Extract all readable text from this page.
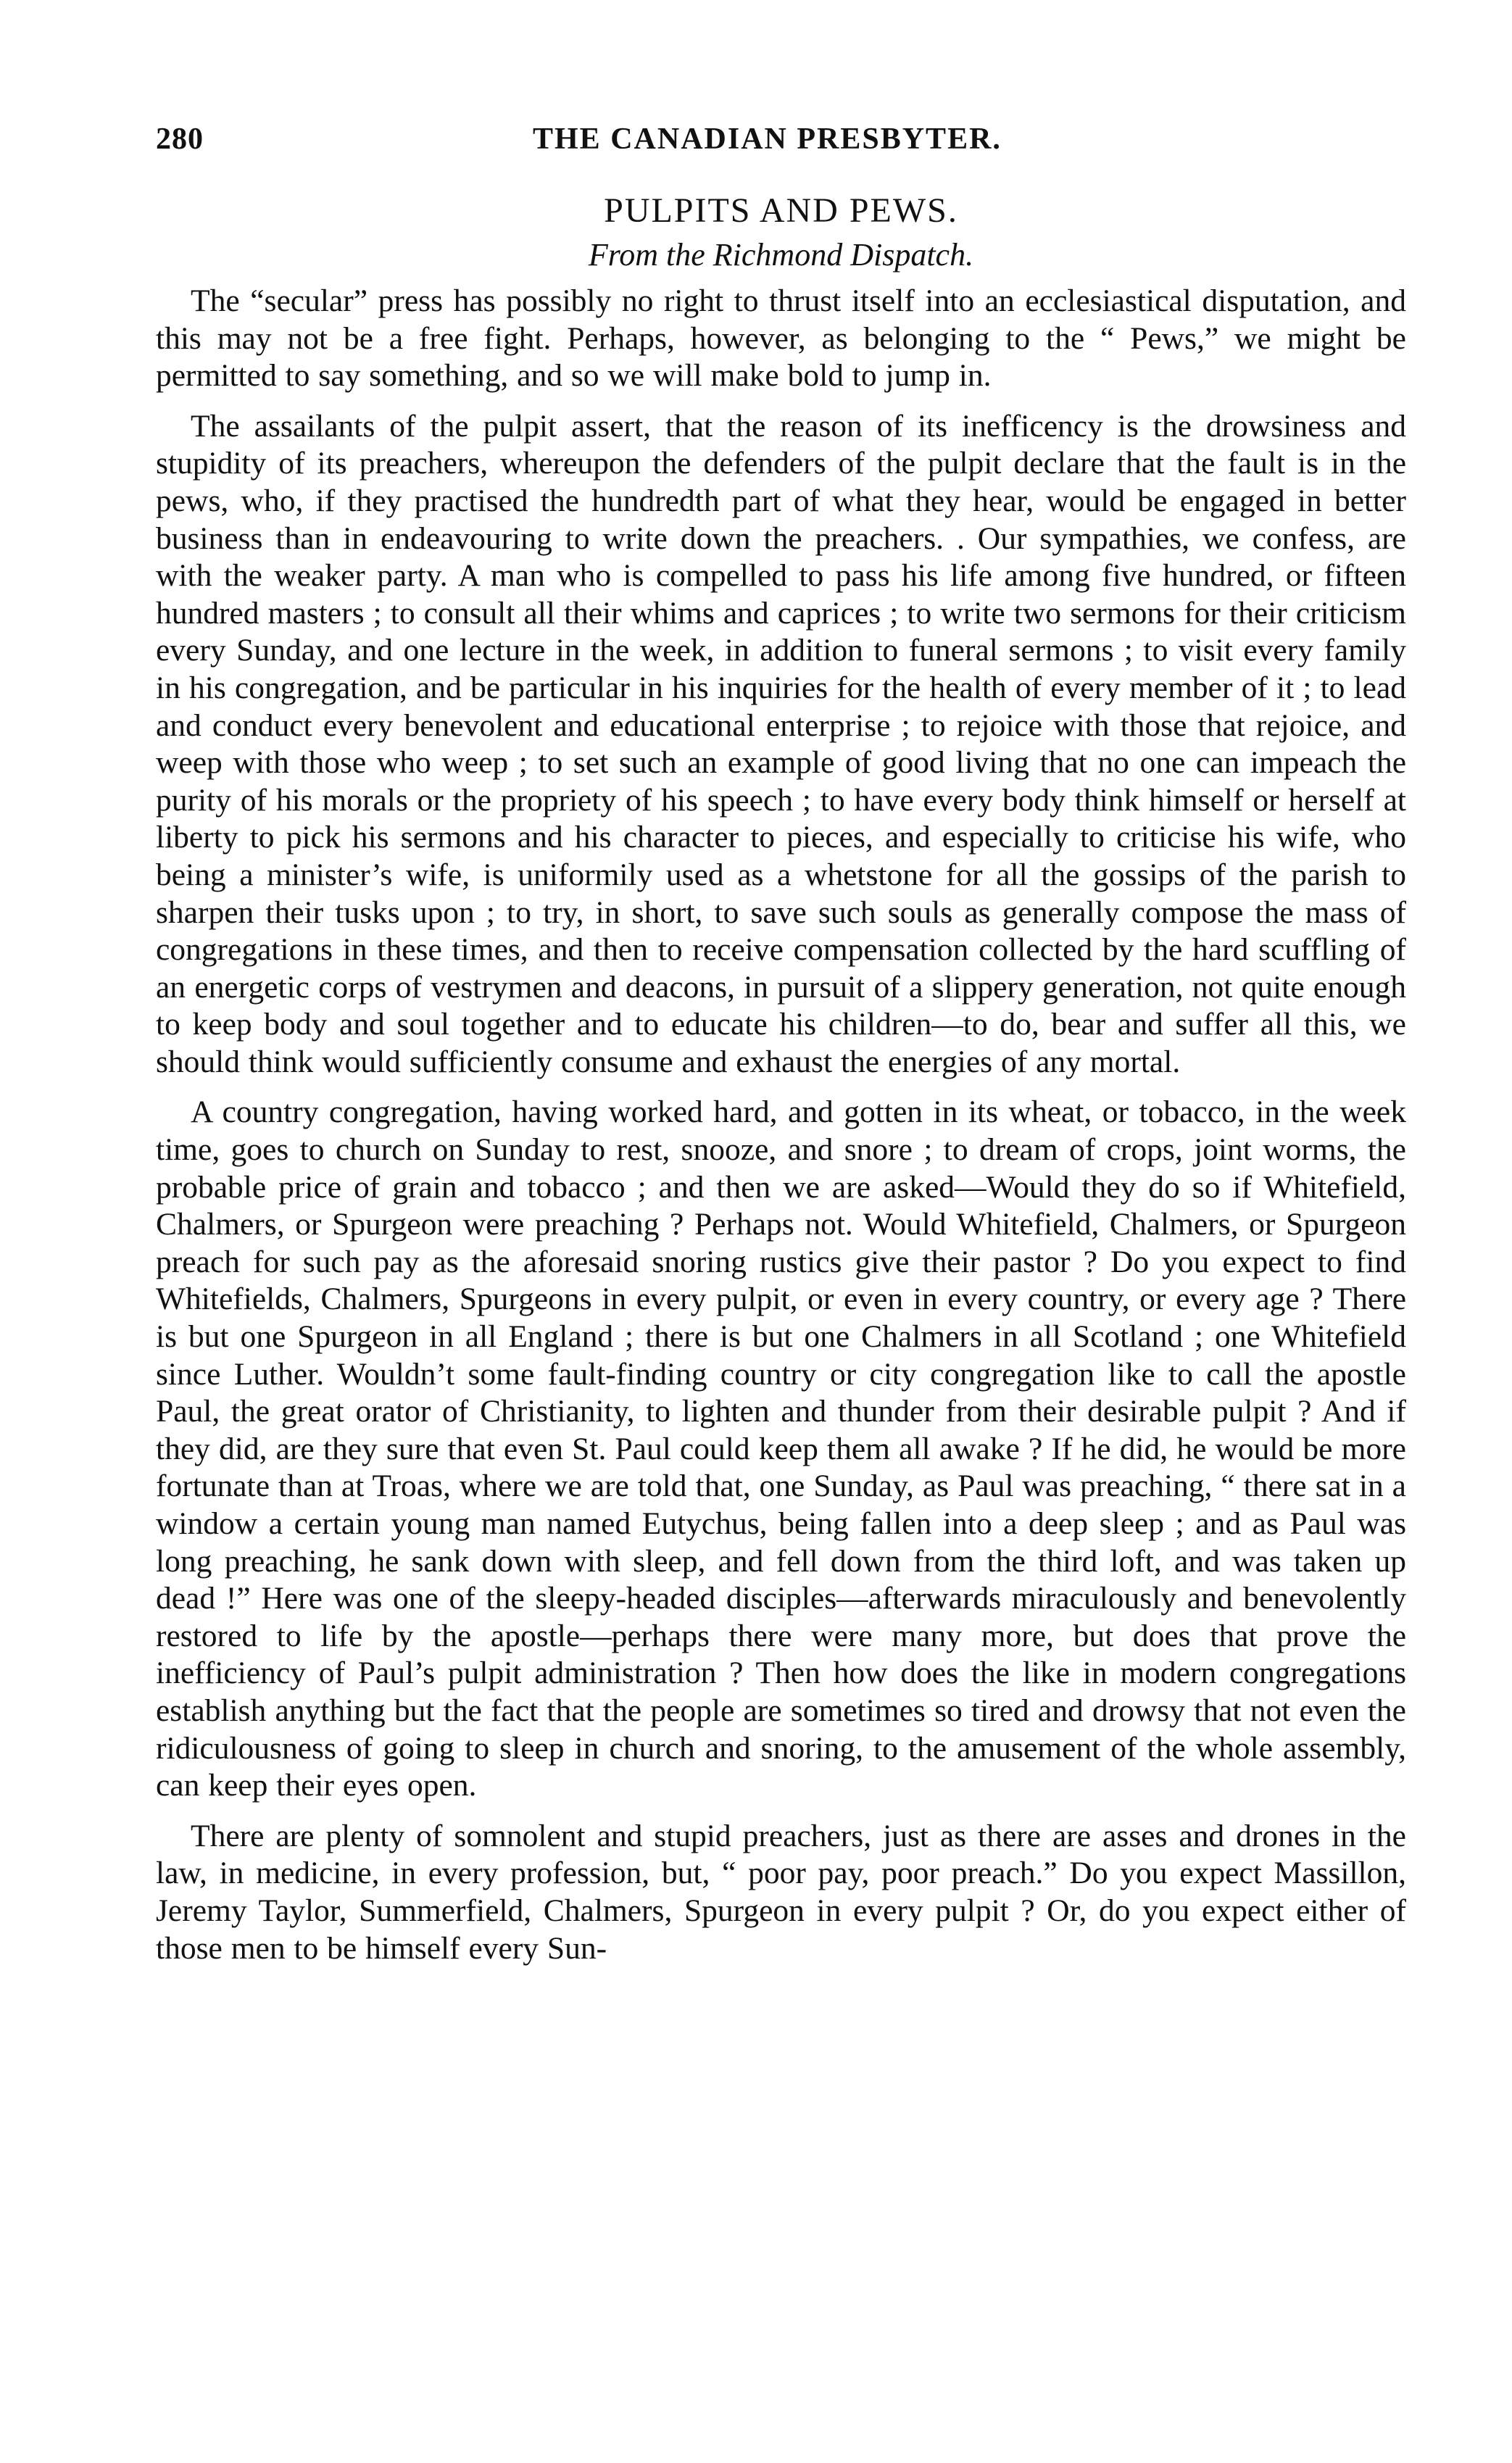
280	THE CANADIAN PRESBYTER.
PULPITS AND PEWS.
From the Richmond Dispatch.

The “secular” press has possibly no right to thrust itself into an ecclesiastical disputation, and this may not be a free fight. Perhaps, however, as belonging to the “ Pews,” we might be permitted to say something, and so we will make bold to jump in.

The assailants of the pulpit assert, that the reason of its inefficency is the drowsiness and stupidity of its preachers, whereupon the defenders of the pulpit declare that the fault is in the pews, who, if they practised the hundredth part of what they hear, would be engaged in better business than in endeavouring to write down the preachers. . Our sympathies, we confess, are with the weaker party. A man who is compelled to pass his life among five hundred, or fifteen hundred masters ; to consult all their whims and caprices ; to write two sermons for their criticism every Sunday, and one lecture in the week, in addition to funeral sermons ; to visit every family in his congregation, and be particular in his inquiries for the health of every member of it ; to lead and conduct every benevolent and educational enterprise ; to rejoice with those that rejoice, and weep with those who weep ; to set such an example of good living that no one can impeach the purity of his morals or the propriety of his speech ; to have every body think himself or herself at liberty to pick his sermons and his character to pieces, and especially to criticise his wife, who being a minister’s wife, is uniformily used as a whetstone for all the gossips of the parish to sharpen their tusks upon ; to try, in short, to save such souls as generally compose the mass of congregations in these times, and then to receive compensation collected by the hard scuffling of an energetic corps of vestrymen and deacons, in pursuit of a slippery generation, not quite enough to keep body and soul together and to educate his children—to do, bear and suffer all this, we should think would sufficiently consume and exhaust the energies of any mortal.

A country congregation, having worked hard, and gotten in its wheat, or tobacco, in the week time, goes to church on Sunday to rest, snooze, and snore ; to dream of crops, joint worms, the probable price of grain and tobacco ; and then we are asked—Would they do so if Whitefield, Chalmers, or Spurgeon were preaching ? Perhaps not. Would Whitefield, Chalmers, or Spurgeon preach for such pay as the aforesaid snoring rustics give their pastor ? Do you expect to find Whitefields, Chalmers, Spurgeons in every pulpit, or even in every country, or every age ? There is but one Spurgeon in all England ; there is but one Chalmers in all Scotland ; one Whitefield since Luther. Wouldn’t some fault-finding country or city congregation like to call the apostle Paul, the great orator of Christianity, to lighten and thunder from their desirable pulpit ? And if they did, are they sure that even St. Paul could keep them all awake ? If he did, he would be more fortunate than at Troas, where we are told that, one Sunday, as Paul was preaching, “ there sat in a window a certain young man named Eutychus, being fallen into a deep sleep ; and as Paul was long preaching, he sank down with sleep, and fell down from the third loft, and was taken up dead !” Here was one of the sleepy-headed disciples—afterwards miraculously and benevolently restored to life by the apostle—perhaps there were many more, but does that prove the inefficiency of Paul’s pulpit administration ? Then how does the like in modern congregations establish anything but the fact that the people are sometimes so tired and drowsy that not even the ridiculousness of going to sleep in church and snoring, to the amusement of the whole assembly, can keep their eyes open.

There are plenty of somnolent and stupid preachers, just as there are asses and drones in the law, in medicine, in every profession, but, “ poor pay, poor preach.” Do you expect Massillon, Jeremy Taylor, Summerfield, Chalmers, Spurgeon in every pulpit ? Or, do you expect either of those men to be himself every Sun-
